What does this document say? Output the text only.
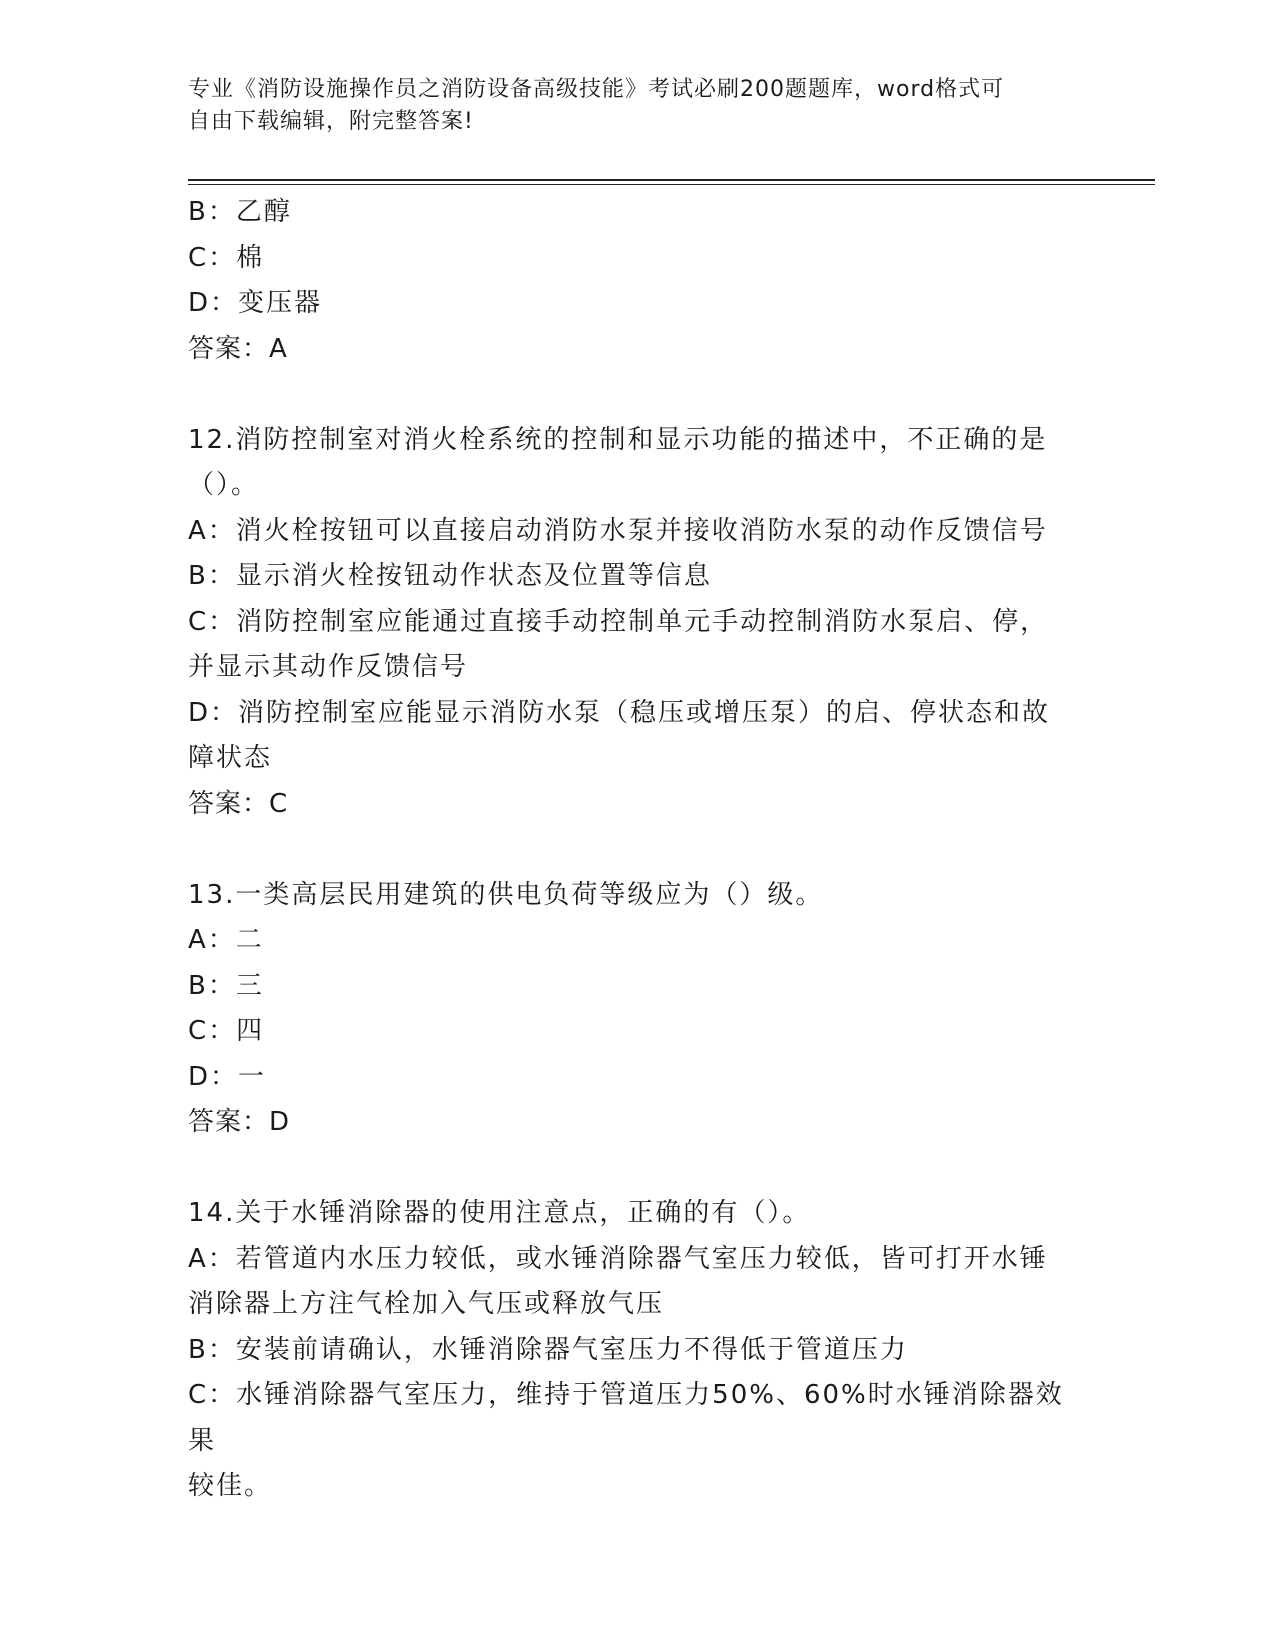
专业《消防设施操作员之消防设备高级技能》考试必刷200题题库，word格式可
自由下载编辑，附完整答案!

B：乙醇

C：棉

D：变压器

答案：A

12.消防控制室对消火栓系统的控制和显示功能的描述中，不正确的是

（）。

A：消火栓按钮可以直接启动消防水泵并接收消防水泵的动作反馈信号

B：显示消火栓按钮动作状态及位置等信息

C：消防控制室应能通过直接手动控制单元手动控制消防水泵启、停，

并显示其动作反馈信号

D：消防控制室应能显示消防水泵（稳压或增压泵）的启、停状态和故

障状态

答案：C

13.一类高层民用建筑的供电负荷等级应为（）级。

A：二

B：三

C：四

D：一

答案：D

14.关于水锤消除器的使用注意点，正确的有（）。

A：若管道内水压力较低，或水锤消除器气室压力较低，皆可打开水锤

消除器上方注气栓加入气压或释放气压

B：安装前请确认，水锤消除器气室压力不得低于管道压力

C：水锤消除器气室压力，维持于管道压力50%、60%时水锤消除器效果

较佳。
